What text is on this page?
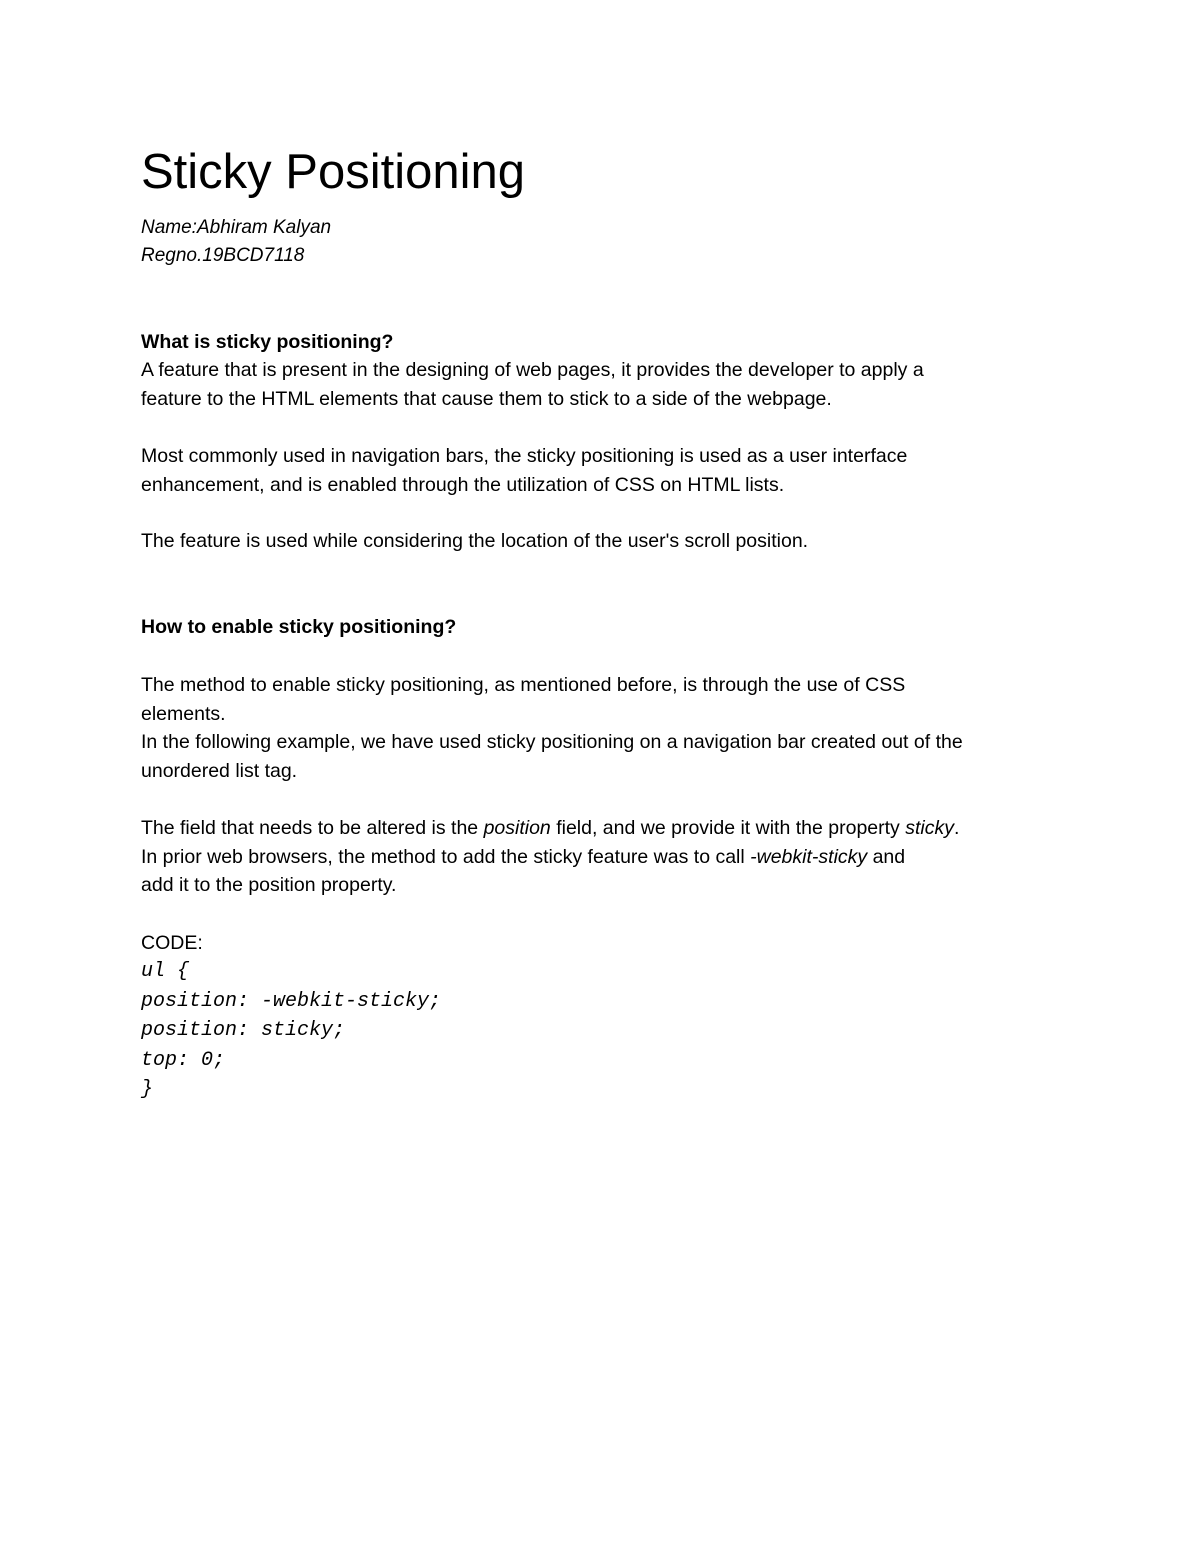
Sticky Positioning
Name:Abhiram Kalyan
Regno.19BCD7118
What is sticky positioning?
A feature that is present in the designing of web pages, it provides the developer to apply a
feature to the HTML elements that cause them to stick to a side of the webpage.
Most commonly used in navigation bars, the sticky positioning is used as a user interface
enhancement, and is enabled through the utilization of CSS on HTML lists.
The feature is used while considering the location of the user's scroll position.
How to enable sticky positioning?
The method to enable sticky positioning, as mentioned before, is through the use of CSS
elements.
In the following example, we have used sticky positioning on a navigation bar created out of the
unordered list tag.
The field that needs to be altered is the position field, and we provide it with the property sticky.
In prior web browsers, the method to add the sticky feature was to call -webkit-sticky and
add it to the position property.
CODE:
ul {
position: -webkit-sticky;
position: sticky;
top: 0;
}
